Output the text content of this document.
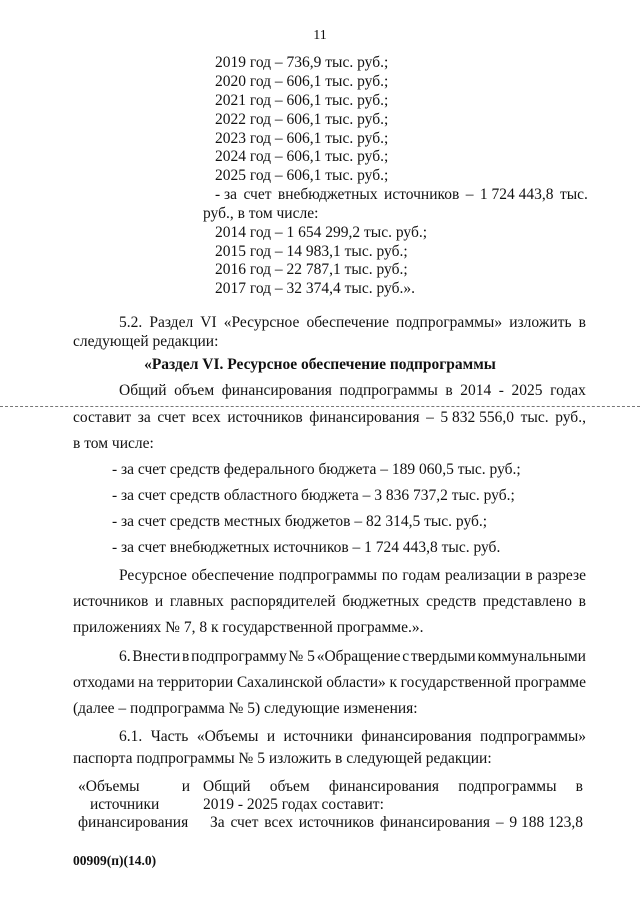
11
2019 год – 736,9 тыс. руб.;
2020 год – 606,1 тыс. руб.;
2021 год – 606,1 тыс. руб.;
2022 год – 606,1 тыс. руб.;
2023 год – 606,1 тыс. руб.;
2024 год – 606,1 тыс. руб.;
2025 год – 606,1 тыс. руб.;
- за счет внебюджетных источников – 1 724 443,8 тыс.
руб., в том числе:
2014 год – 1 654 299,2 тыс. руб.;
2015 год – 14 983,1 тыс. руб.;
2016 год – 22 787,1 тыс. руб.;
2017 год – 32 374,4 тыс. руб.».
5.2. Раздел VI «Ресурсное обеспечение подпрограммы» изложить в
следующей редакции:
«Раздел VI. Ресурсное обеспечение подпрограммы
Общий объем финансирования подпрограммы в 2014 - 2025 годах
составит за счет всех источников финансирования – 5 832 556,0 тыс. руб.,
в том числе:
- за счет средств федерального бюджета – 189 060,5 тыс. руб.;
- за счет средств областного бюджета – 3 836 737,2 тыс. руб.;
- за счет средств местных бюджетов – 82 314,5 тыс. руб.;
- за счет внебюджетных источников – 1 724 443,8 тыс. руб.
Ресурсное обеспечение подпрограммы по годам реализации в разрезе
источников и главных распорядителей бюджетных средств представлено в
приложениях № 7, 8 к государственной программе.».
6. Внести в подпрограмму № 5 «Обращение с твердыми коммунальными
отходами на территории Сахалинской области» к государственной программе
(далее – подпрограмма № 5) следующие изменения:
6.1. Часть «Объемы и источники финансирования подпрограммы»
паспорта подпрограммы № 5 изложить в следующей редакции:
«Объемы	и
источники
финансирования
Общий объем финансирования подпрограммы в
2019 - 2025 годах составит:
За счет всех источников финансирования – 9 188 123,8
00909(п)(14.0)
